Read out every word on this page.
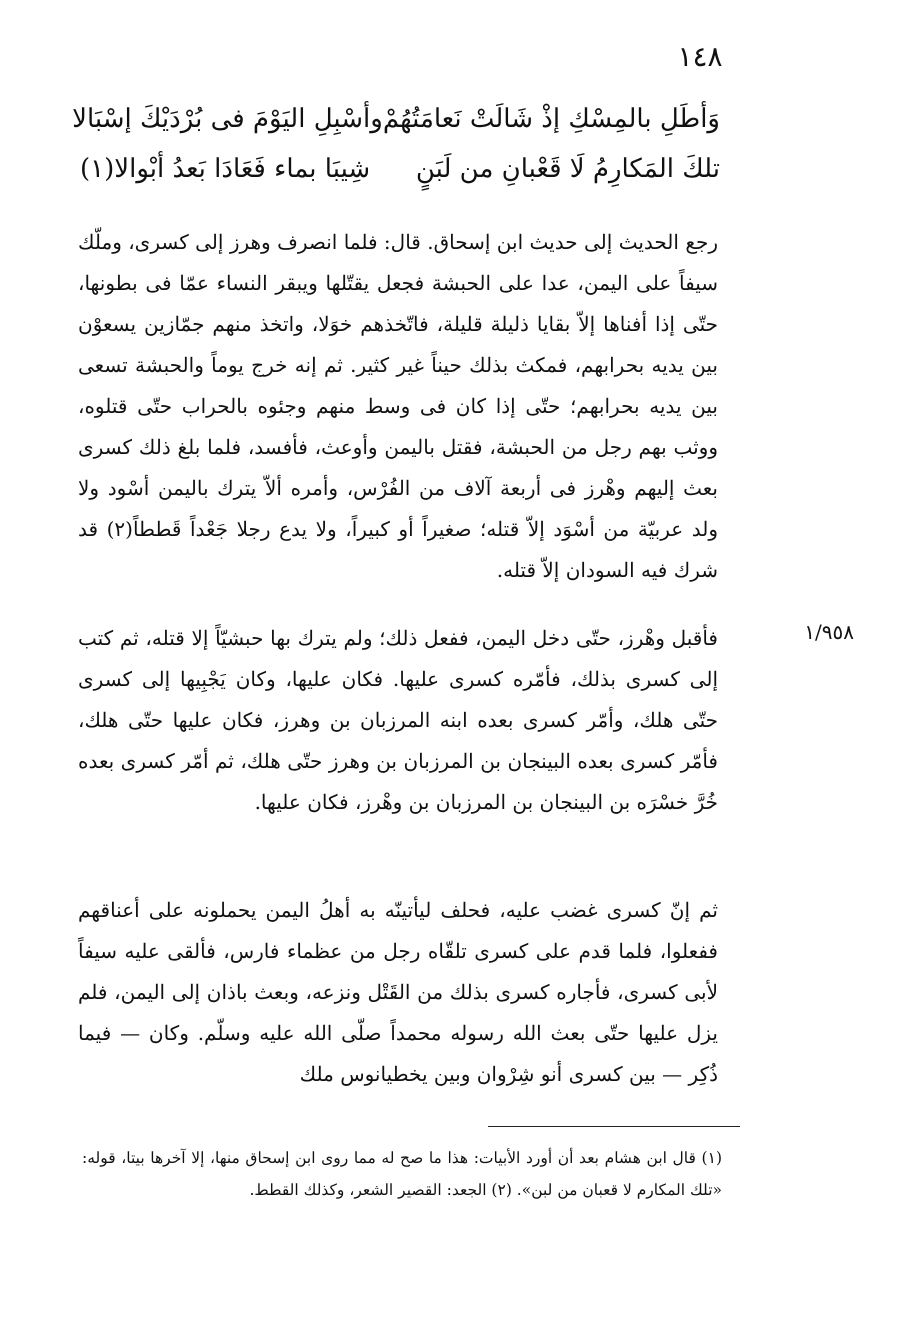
١٤٨
وَأطَلِ بالمِسْكِ إذْ شَالَتْ نَعامَتُهُمْ
وأسْبِلِ اليَوْمَ فى بُرْدَيْكَ إسْبَالا
تلكَ المَكارِمُ لَا قَعْبانِ من لَبَنٍ
شِيبَا بماء فَعَادَا بَعدُ أبْوالا(١)

رجع الحديث إلى حديث ابن إسحاق. قال: فلما انصرف وهرز إلى كسرى، وملّك سيفاً على اليمن، عدا على الحبشة فجعل يقتّلها ويبقر النساء عمّا فى بطونها، حتّى إذا أفناها إلاّ بقايا ذليلة قليلة، فاتّخذهم خوَلا، واتخذ منهم جمّازين يسعوْن بين يديه بحرابهم، فمكث بذلك حيناً غير كثير. ثم إنه خرج يوماً والحبشة تسعى بين يديه بحرابهم؛ حتّى إذا كان فى وسط منهم وجئوه بالحراب حتّى قتلوه، ووثب بهم رجل من الحبشة، فقتل باليمن وأوعث، فأفسد، فلما بلغ ذلك كسرى بعث إليهم وهْرز فى أربعة آلاف من الفُرْس، وأمره ألاّ يترك باليمن أسْود ولا ولد عربيّة من أسْوَد إلاّ قتله؛ صغيراً أو كبيراً، ولا يدع رجلا جَعْداً قَططاً(٢) قد شرك فيه السودان إلاّ قتله.

١/٩٥٨

فأقبل وهْرز، حتّى دخل اليمن، ففعل ذلك؛ ولم يترك بها حبشيّاً إلا قتله، ثم كتب إلى كسرى بذلك، فأمّره كسرى عليها. فكان عليها، وكان يَجْبِيها إلى كسرى حتّى هلك، وأمّر كسرى بعده ابنه المرزبان بن وهرز، فكان عليها حتّى هلك، فأمّر كسرى بعده البينجان بن المرزبان بن وهرز حتّى هلك، ثم أمّر كسرى بعده خُرَّ خسْرَه بن البينجان بن المرزبان بن وهْرز، فكان عليها.

ثم إنّ كسرى غضب عليه، فحلف ليأتينّه به أهلُ اليمن يحملونه على أعناقهم ففعلوا، فلما قدم على كسرى تلقّاه رجل من عظماء فارس، فألقى عليه سيفاً لأبى كسرى، فأجاره كسرى بذلك من القَتْل ونزعه، وبعث باذان إلى اليمن، فلم يزل عليها حتّى بعث الله رسوله محمداً صلّى الله عليه وسلّم. وكان — فيما ذُكِر — بين كسرى أنو شِرْوان وبين يخطيانوس ملك

(١) قال ابن هشام بعد أن أورد الأبيات: هذا ما صح له مما روى ابن إسحاق منها، إلا آخرها بيتا، قوله: «تلك المكارم لا قعبان من لبن». (٢) الجعد: القصير الشعر، وكذلك القطط.
